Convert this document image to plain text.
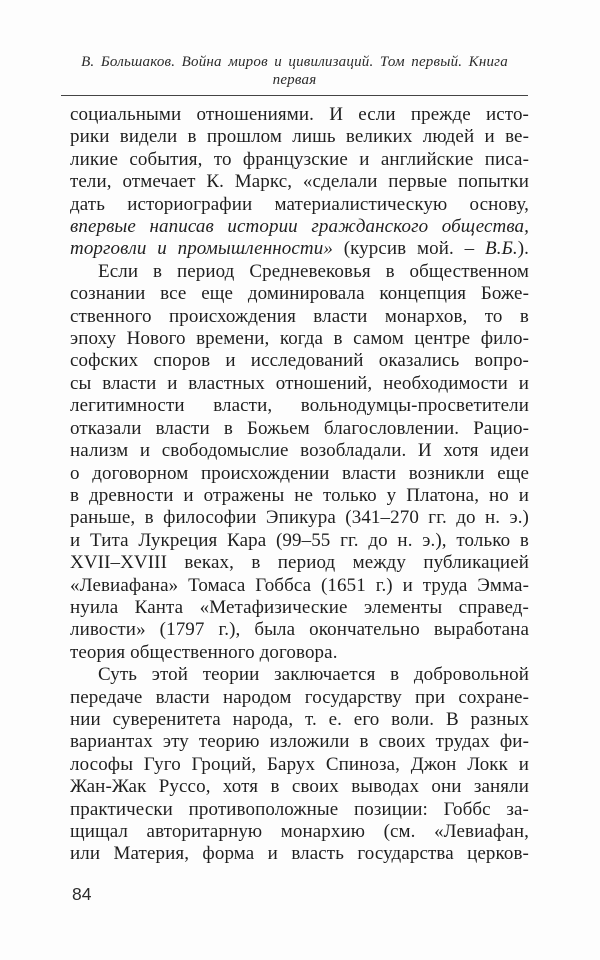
В. Большаков. Война миров и цивилизаций. Том первый. Книга первая
социальными отношениями. И если прежде исто-
рики видели в прошлом лишь великих людей и ве-
ликие события, то французские и английские писа-
тели, отмечает К. Маркс, «сделали первые попытки
дать историографии материалистическую основу,
впервые написав истории гражданского общества,
торговли и промышленности» (курсив мой. – В.Б.).
Если в период Средневековья в общественном
сознании все еще доминировала концепция Боже-
ственного происхождения власти монархов, то в
эпоху Нового времени, когда в самом центре фило-
софских споров и исследований оказались вопро-
сы власти и властных отношений, необходимости и
легитимности власти, вольнодумцы-просветители
отказали власти в Божьем благословлении. Рацио-
нализм и свободомыслие возобладали. И хотя идеи
о договорном происхождении власти возникли еще
в древности и отражены не только у Платона, но и
раньше, в философии Эпикура (341–270 гг. до н. э.)
и Тита Лукреция Кара (99–55 гг. до н. э.), только в
XVII–XVIII веках, в период между публикацией
«Левиафана» Томаса Гоббса (1651 г.) и труда Эмма-
нуила Канта «Метафизические элементы справед-
ливости» (1797 г.), была окончательно выработана
теория общественного договора.
Суть этой теории заключается в добровольной
передаче власти народом государству при сохране-
нии суверенитета народа, т. е. его воли. В разных
вариантах эту теорию изложили в своих трудах фи-
лософы Гуго Гроций, Барух Спиноза, Джон Локк и
Жан-Жак Руссо, хотя в своих выводах они заняли
практически противоположные позиции: Гоббс за-
щищал авторитарную монархию (см. «Левиафан,
или Материя, форма и власть государства церков-
84
